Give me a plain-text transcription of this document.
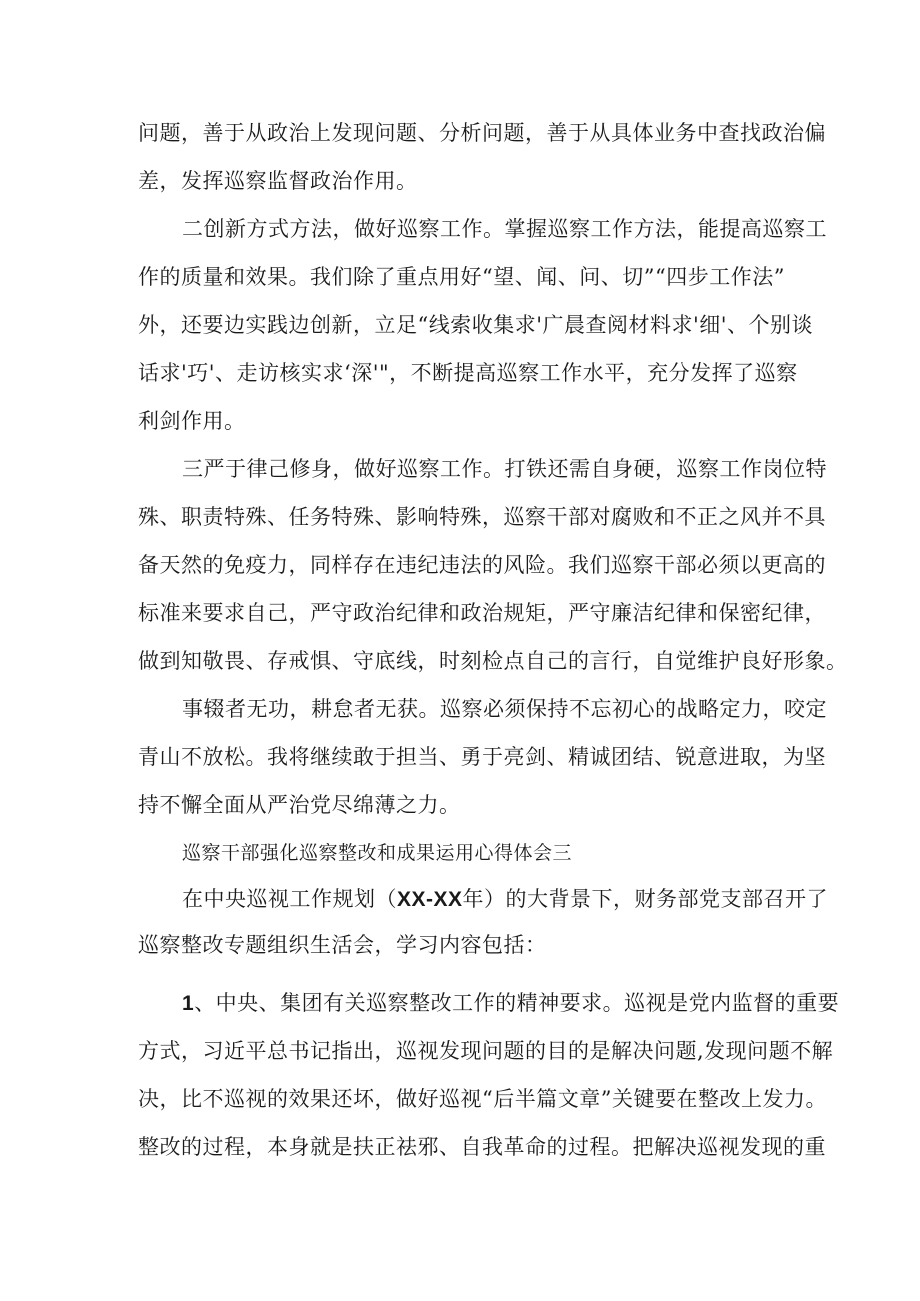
问题，善于从政治上发现问题、分析问题，善于从具体业务中查找政治偏
差，发挥巡察监督政治作用。
二创新方式方法，做好巡察工作。掌握巡察工作方法，能提高巡察工
作的质量和效果。我们除了重点用好“望、闻、问、切”“四步工作法”
外，还要边实践边创新，立足“线索收集求'广晨查阅材料求'细'、个别谈
话求'巧'、走访核实求‘深'"，不断提高巡察工作水平，充分发挥了巡察
利剑作用。
三严于律己修身，做好巡察工作。打铁还需自身硬，巡察工作岗位特
殊、职责特殊、任务特殊、影响特殊，巡察干部对腐败和不正之风并不具
备天然的免疫力，同样存在违纪违法的风险。我们巡察干部必须以更高的
标准来要求自己，严守政治纪律和政治规矩，严守廉洁纪律和保密纪律，
做到知敬畏、存戒惧、守底线，时刻检点自己的言行，自觉维护良好形象。
事辍者无功，耕怠者无获。巡察必须保持不忘初心的战略定力，咬定
青山不放松。我将继续敢于担当、勇于亮剑、精诚团结、锐意进取，为坚
持不懈全面从严治党尽绵薄之力。
巡察干部强化巡察整改和成果运用心得体会三
在中央巡视工作规划（XX-XX年）的大背景下，财务部党支部召开了
巡察整改专题组织生活会，学习内容包括：
1、中央、集团有关巡察整改工作的精神要求。巡视是党内监督的重要
方式，习近平总书记指出，巡视发现问题的目的是解决问题,发现问题不解
决，比不巡视的效果还坏，做好巡视“后半篇文章”关键要在整改上发力。
整改的过程，本身就是扶正祛邪、自我革命的过程。把解决巡视发现的重
